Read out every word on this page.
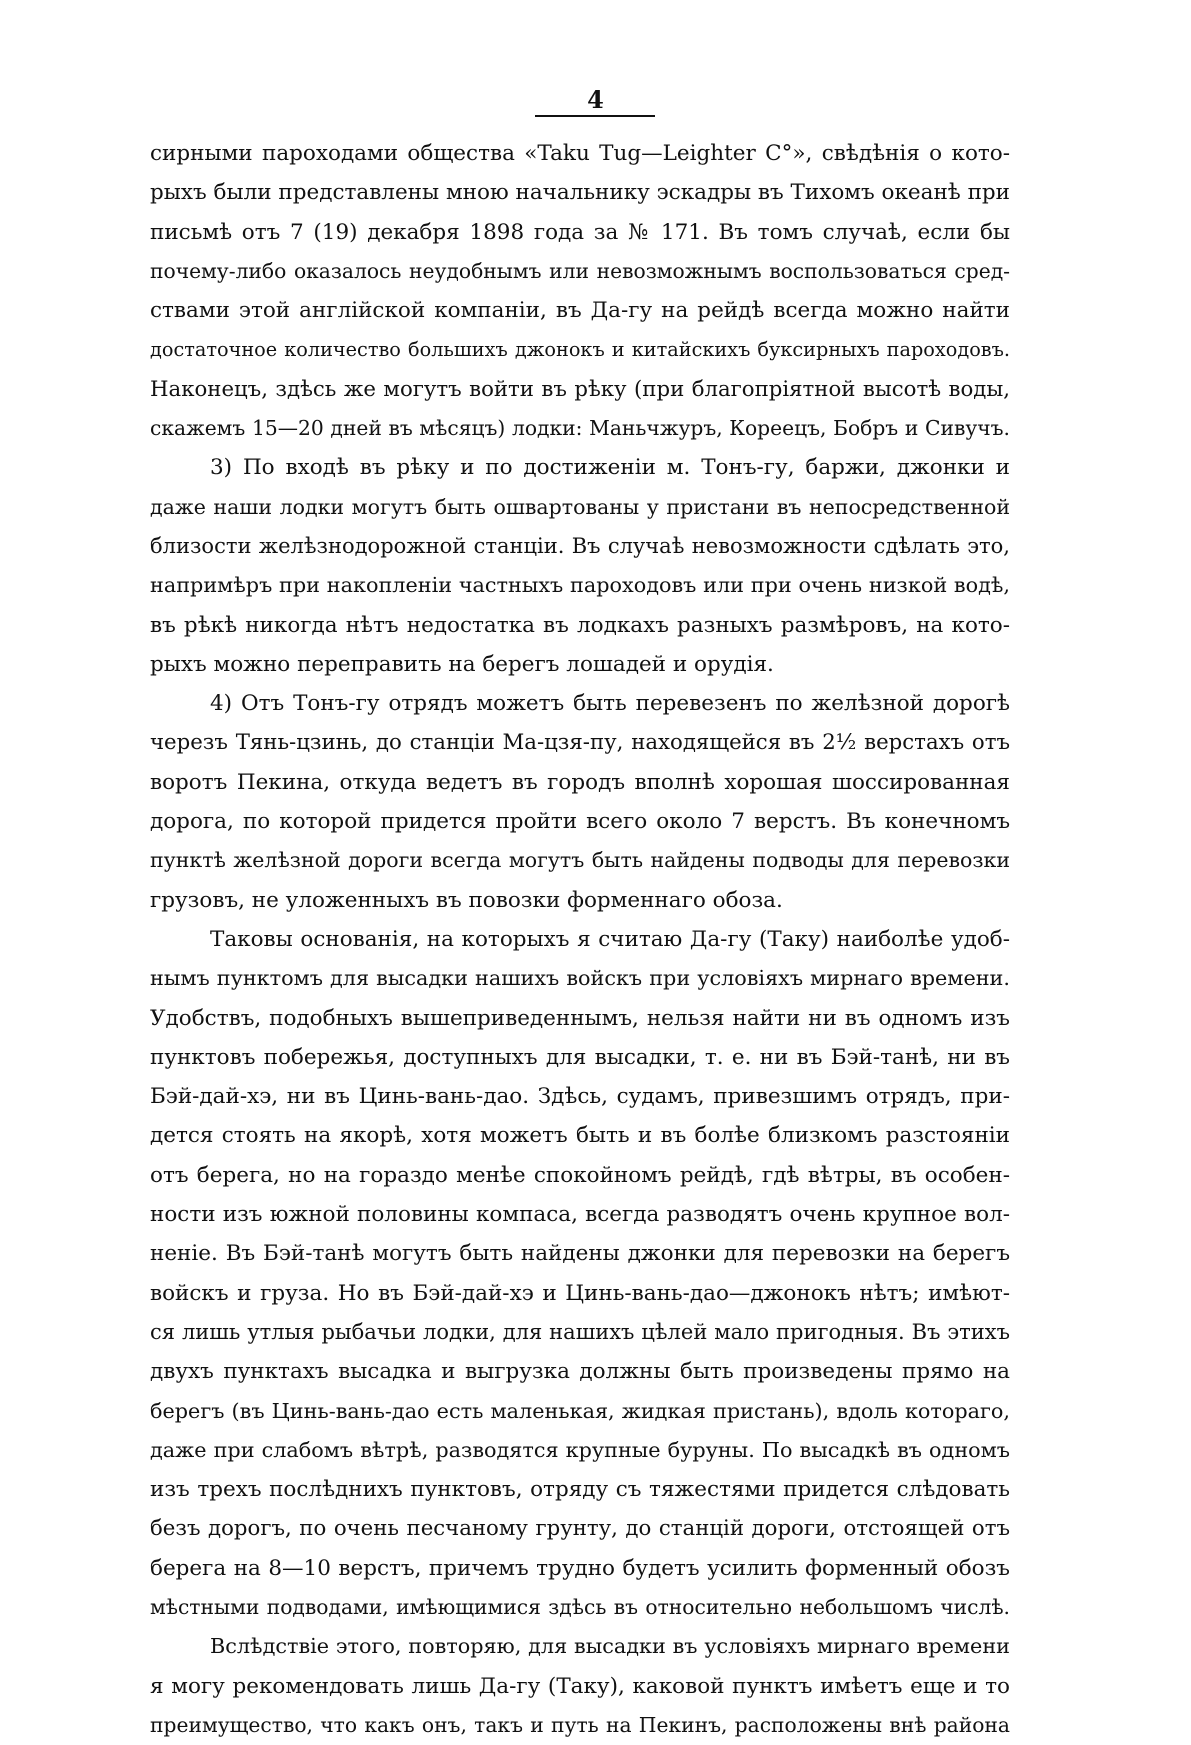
4
сирными пароходами общества «Taku Tug—Leighter C°», свѣдѣнія о кото-
рыхъ были представлены мною начальнику эскадры въ Тихомъ океанѣ при
письмѣ отъ 7 (19) декабря 1898 года за № 171. Въ томъ случаѣ, если бы
почему-либо оказалось неудобнымъ или невозможнымъ воспользоваться сред-
ствами этой англійской компаніи, въ Да-гу на рейдѣ всегда можно найти
достаточное количество большихъ джонокъ и китайскихъ буксирныхъ пароходовъ.
Наконецъ, здѣсь же могутъ войти въ рѣку (при благопріятной высотѣ воды,
скажемъ 15—20 дней въ мѣсяцъ) лодки: Маньчжуръ, Кореецъ, Бобръ и Сивучъ.
3) По входѣ въ рѣку и по достиженіи м. Тонъ-гу, баржи, джонки и
даже наши лодки могутъ быть ошвартованы у пристани въ непосредственной
близости желѣзнодорожной станціи. Въ случаѣ невозможности сдѣлать это,
напримѣръ при накопленіи частныхъ пароходовъ или при очень низкой водѣ,
въ рѣкѣ никогда нѣтъ недостатка въ лодкахъ разныхъ размѣровъ, на кото-
рыхъ можно переправить на берегъ лошадей и орудія.
4) Отъ Тонъ-гу отрядъ можетъ быть перевезенъ по желѣзной дорогѣ
черезъ Тянь-цзинь, до станціи Ма-цзя-пу, находящейся въ 2½ верстахъ отъ
воротъ Пекина, откуда ведетъ въ городъ вполнѣ хорошая шоссированная
дорога, по которой придется пройти всего около 7 верстъ. Въ конечномъ
пунктѣ желѣзной дороги всегда могутъ быть найдены подводы для перевозки
грузовъ, не уложенныхъ въ повозки форменнаго обоза.
Таковы основанія, на которыхъ я считаю Да-гу (Таку) наиболѣе удоб-
нымъ пунктомъ для высадки нашихъ войскъ при условіяхъ мирнаго времени.
Удобствъ, подобныхъ вышеприведеннымъ, нельзя найти ни въ одномъ изъ
пунктовъ побережья, доступныхъ для высадки, т. е. ни въ Бэй-танѣ, ни въ
Бэй-дай-хэ, ни въ Цинь-вань-дао. Здѣсь, судамъ, привезшимъ отрядъ, при-
дется стоять на якорѣ, хотя можетъ быть и въ болѣе близкомъ разстояніи
отъ берега, но на гораздо менѣе спокойномъ рейдѣ, гдѣ вѣтры, въ особен-
ности изъ южной половины компаса, всегда разводятъ очень крупное вол-
неніе. Въ Бэй-танѣ могутъ быть найдены джонки для перевозки на берегъ
войскъ и груза. Но въ Бэй-дай-хэ и Цинь-вань-дао—джонокъ нѣтъ; имѣют-
ся лишь утлыя рыбачьи лодки, для нашихъ цѣлей мало пригодныя. Въ этихъ
двухъ пунктахъ высадка и выгрузка должны быть произведены прямо на
берегъ (въ Цинь-вань-дао есть маленькая, жидкая пристань), вдоль котораго,
даже при слабомъ вѣтрѣ, разводятся крупные буруны. По высадкѣ въ одномъ
изъ трехъ послѣднихъ пунктовъ, отряду съ тяжестями придется слѣдовать
безъ дорогъ, по очень песчаному грунту, до станцій дороги, отстоящей отъ
берега на 8—10 верстъ, причемъ трудно будетъ усилить форменный обозъ
мѣстными подводами, имѣющимися здѣсь въ относительно небольшомъ числѣ.
Вслѣдствіе этого, повторяю, для высадки въ условіяхъ мирнаго времени
я могу рекомендовать лишь Да-гу (Таку), каковой пунктъ имѣетъ еще и то
преимущество, что какъ онъ, такъ и путь на Пекинъ, расположены внѣ района
